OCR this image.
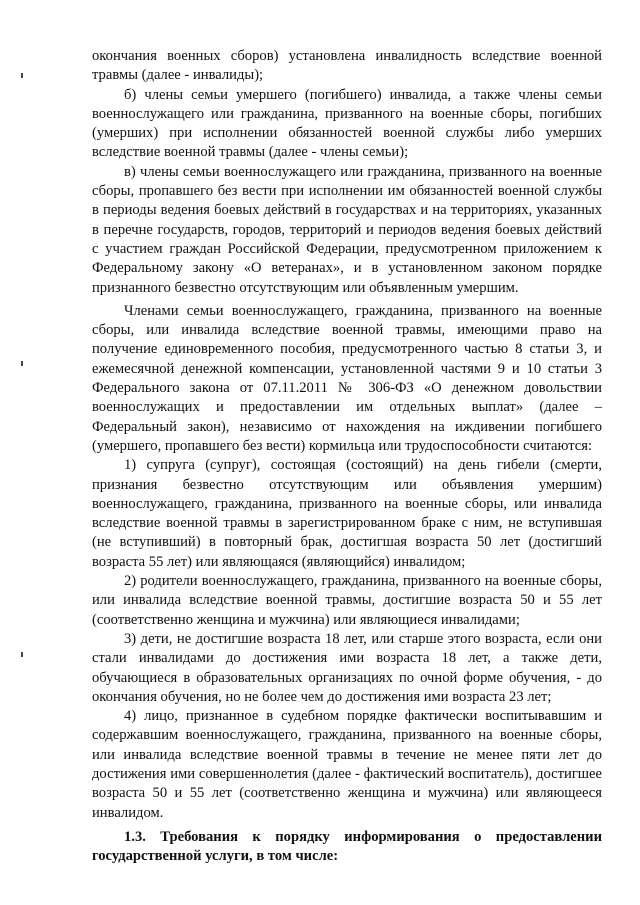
окончания военных сборов) установлена инвалидность вследствие военной травмы (далее - инвалиды);

б) члены семьи умершего (погибшего) инвалида, а также члены семьи военнослужащего или гражданина, призванного на военные сборы, погибших (умерших) при исполнении обязанностей военной службы либо умерших вследствие военной травмы (далее - члены семьи);

в) члены семьи военнослужащего или гражданина, призванного на военные сборы, пропавшего без вести при исполнении им обязанностей военной службы в периоды ведения боевых действий в государствах и на территориях, указанных в перечне государств, городов, территорий и периодов ведения боевых действий с участием граждан Российской Федерации, предусмотренном приложением к Федеральному закону «О ветеранах», и в установленном законом порядке признанного безвестно отсутствующим или объявленным умершим.

Членами семьи военнослужащего, гражданина, призванного на военные сборы, или инвалида вследствие военной травмы, имеющими право на получение единовременного пособия, предусмотренного частью 8 статьи 3, и ежемесячной денежной компенсации, установленной частями 9 и 10 статьи 3 Федерального закона от 07.11.2011 № 306-ФЗ «О денежном довольствии военнослужащих и предоставлении им отдельных выплат» (далее – Федеральный закон), независимо от нахождения на иждивении погибшего (умершего, пропавшего без вести) кормильца или трудоспособности считаются:

1) супруга (супруг), состоящая (состоящий) на день гибели (смерти, признания безвестно отсутствующим или объявления умершим) военнослужащего, гражданина, призванного на военные сборы, или инвалида вследствие военной травмы в зарегистрированном браке с ним, не вступившая (не вступивший) в повторный брак, достигшая возраста 50 лет (достигший возраста 55 лет) или являющаяся (являющийся) инвалидом;

2) родители военнослужащего, гражданина, призванного на военные сборы, или инвалида вследствие военной травмы, достигшие возраста 50 и 55 лет (соответственно женщина и мужчина) или являющиеся инвалидами;

3) дети, не достигшие возраста 18 лет, или старше этого возраста, если они стали инвалидами до достижения ими возраста 18 лет, а также дети, обучающиеся в образовательных организациях по очной форме обучения, - до окончания обучения, но не более чем до достижения ими возраста 23 лет;

4) лицо, признанное в судебном порядке фактически воспитывавшим и содержавшим военнослужащего, гражданина, призванного на военные сборы, или инвалида вследствие военной травмы в течение не менее пяти лет до достижения ими совершеннолетия (далее - фактический воспитатель), достигшее возраста 50 и 55 лет (соответственно женщина и мужчина) или являющееся инвалидом.

1.3. Требования к порядку информирования о предоставлении государственной услуги, в том числе:
